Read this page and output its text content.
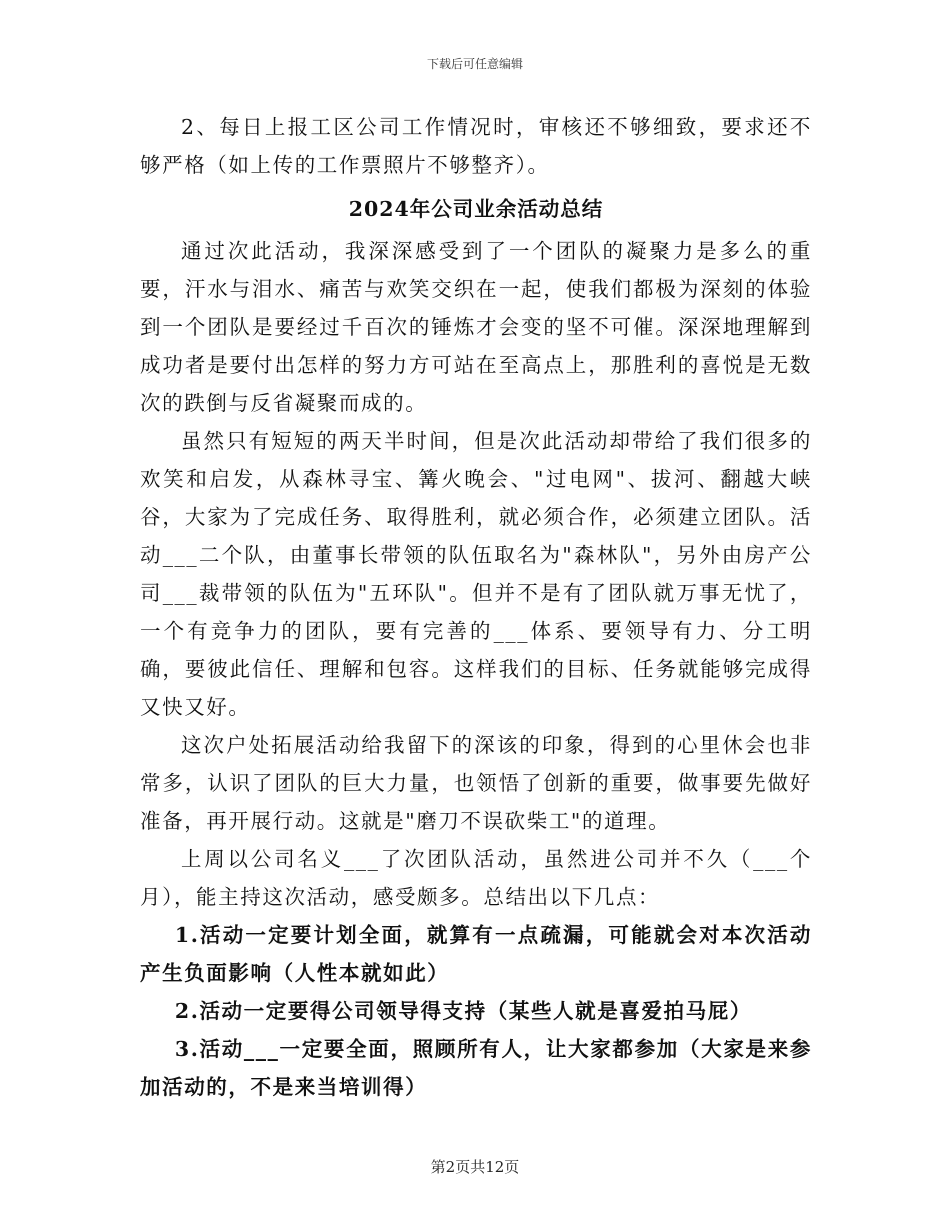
下载后可任意编辑

2、每日上报工区公司工作情况时，审核还不够细致，要求还不够严格（如上传的工作票照片不够整齐）。

2024年公司业余活动总结

通过次此活动，我深深感受到了一个团队的凝聚力是多么的重要，汗水与泪水、痛苦与欢笑交织在一起，使我们都极为深刻的体验到一个团队是要经过千百次的锤炼才会变的坚不可催。深深地理解到成功者是要付出怎样的努力方可站在至高点上，那胜利的喜悦是无数次的跌倒与反省凝聚而成的。

虽然只有短短的两天半时间，但是次此活动却带给了我们很多的欢笑和启发，从森林寻宝、篝火晚会、"过电网"、拔河、翻越大峡谷，大家为了完成任务、取得胜利，就必须合作，必须建立团队。活动___二个队，由董事长带领的队伍取名为"森林队"，另外由房产公司___裁带领的队伍为"五环队"。但并不是有了团队就万事无忧了，一个有竞争力的团队，要有完善的___体系、要领导有力、分工明确，要彼此信任、理解和包容。这样我们的目标、任务就能够完成得又快又好。

这次户处拓展活动给我留下的深该的印象，得到的心里休会也非常多，认识了团队的巨大力量，也领悟了创新的重要，做事要先做好准备，再开展行动。这就是"磨刀不误砍柴工"的道理。

上周以公司名义___了次团队活动，虽然进公司并不久（___个月），能主持这次活动，感受颇多。总结出以下几点：

1.活动一定要计划全面，就算有一点疏漏，可能就会对本次活动产生负面影响（人性本就如此）

2.活动一定要得公司领导得支持（某些人就是喜爱拍马屁）

3.活动___一定要全面，照顾所有人，让大家都参加（大家是来参加活动的，不是来当培训得）

第2页共12页
